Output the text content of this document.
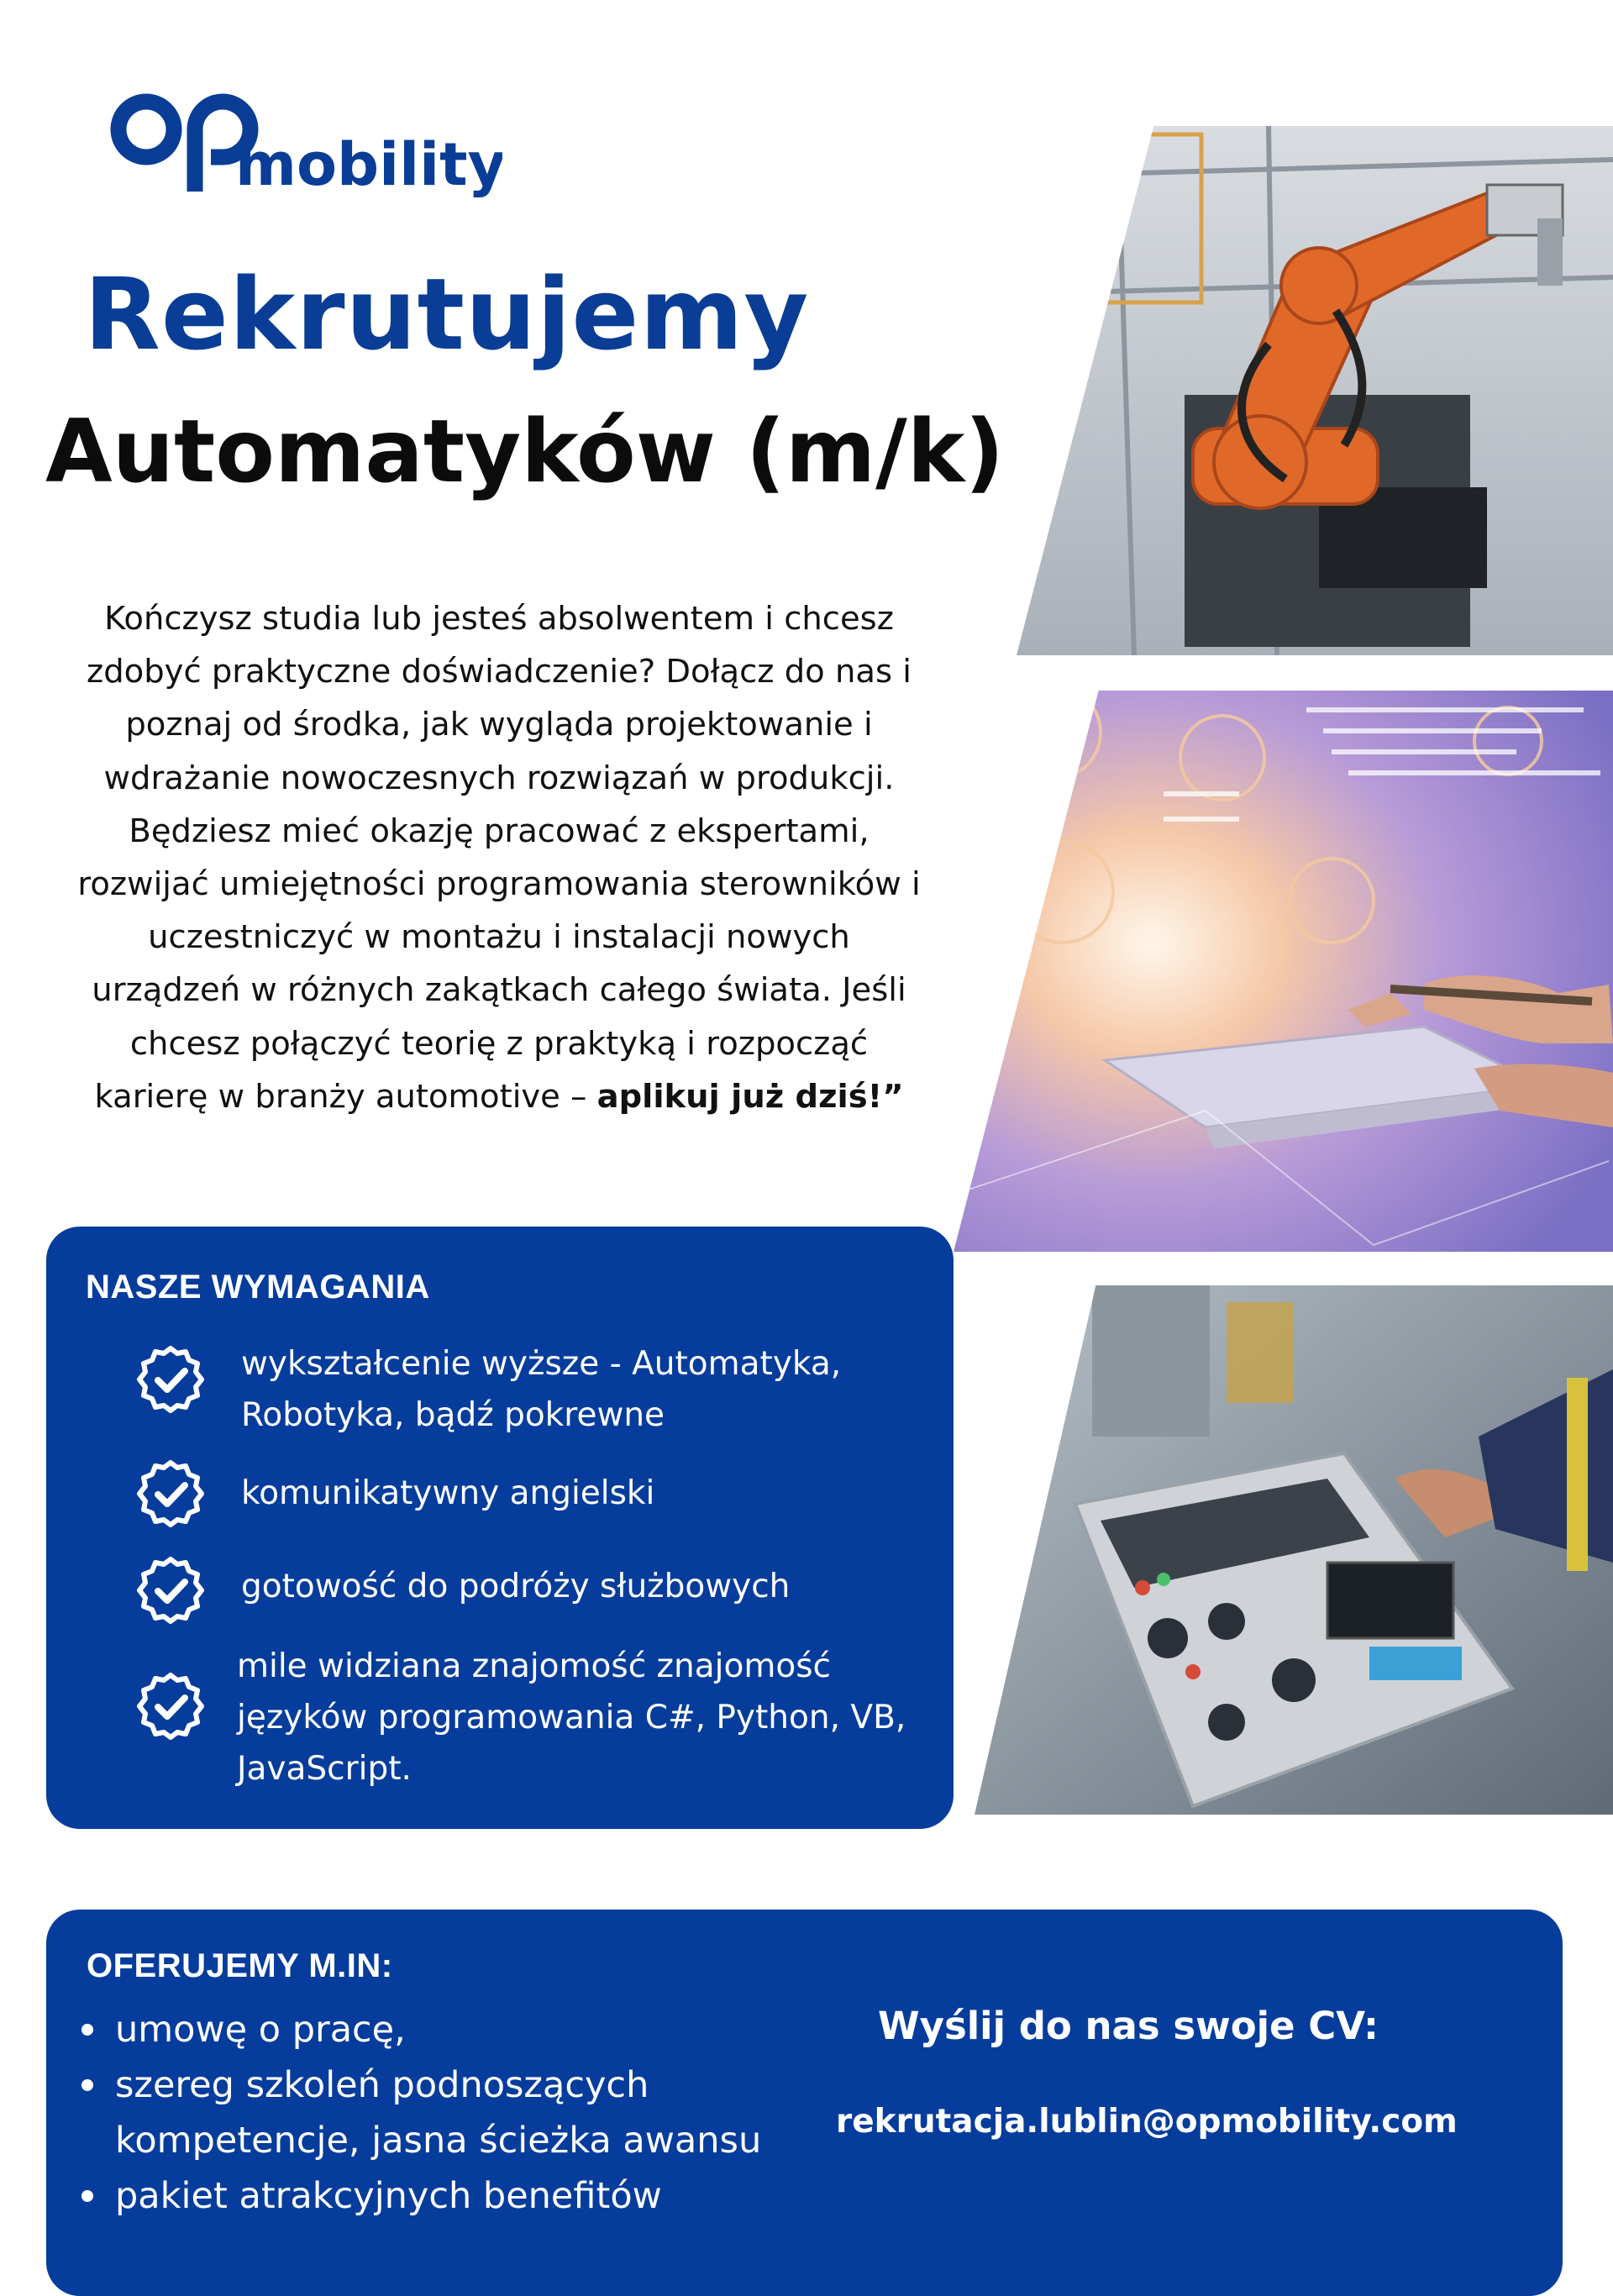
mobility
Rekrutujemy
Automatyków (m/k)
Kończysz studia lub jesteś absolwentem i chcesz
zdobyć praktyczne doświadczenie? Dołącz do nas i
poznaj od środka, jak wygląda projektowanie i
wdrażanie nowoczesnych rozwiązań w produkcji.
Będziesz mieć okazję pracować z ekspertami,
rozwijać umiejętności programowania sterowników i
uczestniczyć w montażu i instalacji nowych
urządzeń w różnych zakątkach całego świata. Jeśli
chcesz połączyć teorię z praktyką i rozpocząć
karierę w branży automotive – aplikuj już dziś!”
NASZE WYMAGANIA
wykształcenie wyższe - Automatyka,
Robotyka, bądź pokrewne
komunikatywny angielski
gotowość do podróży służbowych
mile widziana znajomość znajomość
języków programowania C#, Python, VB,
JavaScript.
OFERUJEMY M.IN:
umowę o pracę,
szereg szkoleń podnoszących
kompetencje, jasna ścieżka awansu
pakiet atrakcyjnych benefitów
Wyślij do nas swoje CV:
rekrutacja.lublin@opmobility.com
